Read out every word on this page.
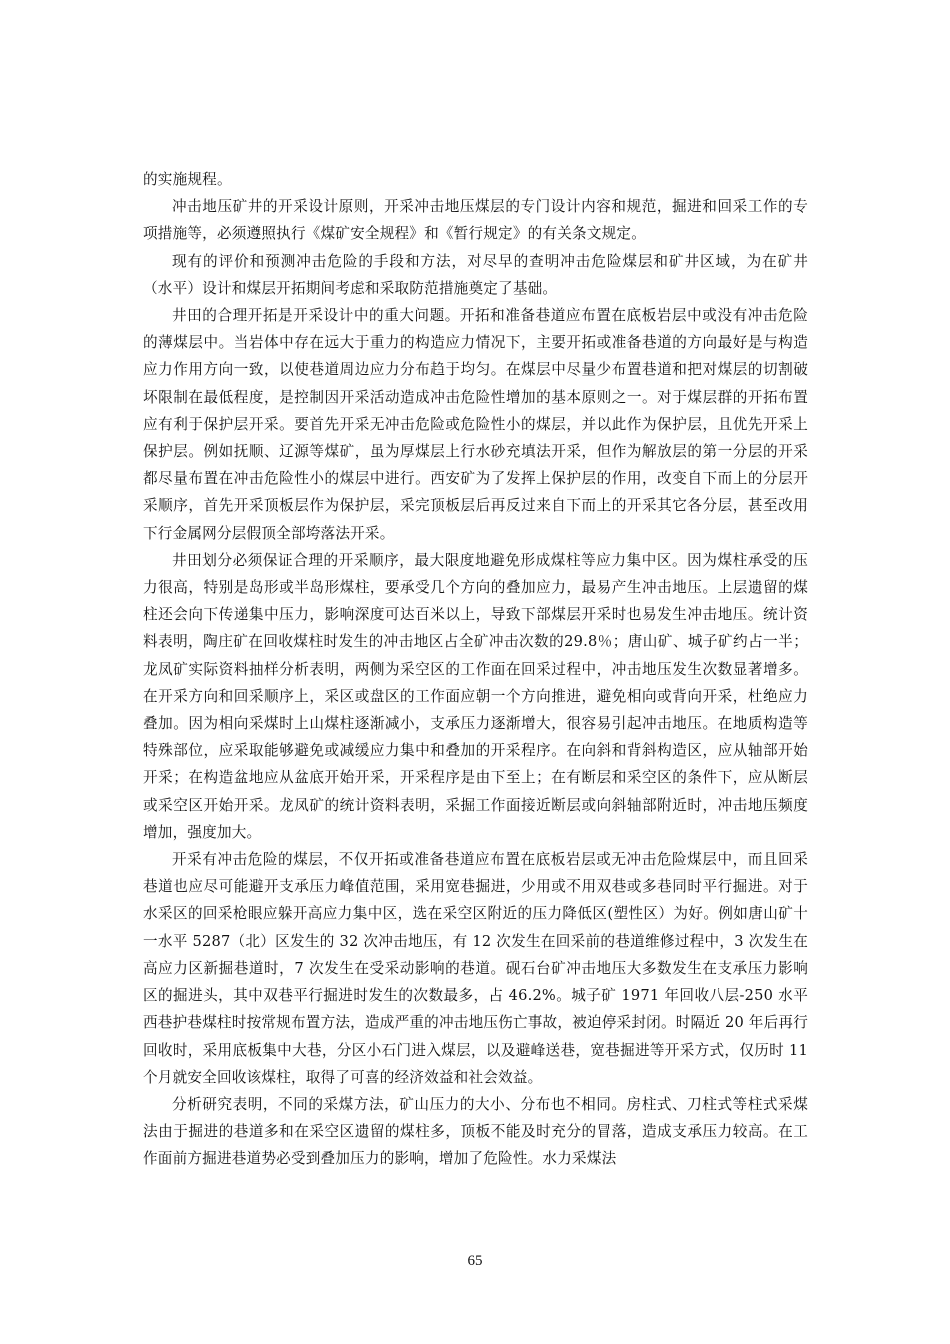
的实施规程。

冲击地压矿井的开采设计原则，开采冲击地压煤层的专门设计内容和规范，掘进和回采工作的专项措施等，必须遵照执行《煤矿安全规程》和《暂行规定》的有关条文规定。

现有的评价和预测冲击危险的手段和方法，对尽早的查明冲击危险煤层和矿井区域，为在矿井（水平）设计和煤层开拓期间考虑和采取防范措施奠定了基础。

井田的合理开拓是开采设计中的重大问题。开拓和准备巷道应布置在底板岩层中或没有冲击危险的薄煤层中。当岩体中存在远大于重力的构造应力情况下，主要开拓或准备巷道的方向最好是与构造应力作用方向一致，以使巷道周边应力分布趋于均匀。在煤层中尽量少布置巷道和把对煤层的切割破坏限制在最低程度，是控制因开采活动造成冲击危险性增加的基本原则之一。对于煤层群的开拓布置应有利于保护层开采。要首先开采无冲击危险或危险性小的煤层，并以此作为保护层，且优先开采上保护层。例如抚顺、辽源等煤矿，虽为厚煤层上行水砂充填法开采，但作为解放层的第一分层的开采都尽量布置在冲击危险性小的煤层中进行。西安矿为了发挥上保护层的作用，改变自下而上的分层开采顺序，首先开采顶板层作为保护层，采完顶板层后再反过来自下而上的开采其它各分层，甚至改用下行金属网分层假顶全部垮落法开采。

井田划分必须保证合理的开采顺序，最大限度地避免形成煤柱等应力集中区。因为煤柱承受的压力很高，特别是岛形或半岛形煤柱，要承受几个方向的叠加应力，最易产生冲击地压。上层遗留的煤柱还会向下传递集中压力，影响深度可达百米以上，导致下部煤层开采时也易发生冲击地压。统计资料表明，陶庄矿在回收煤柱时发生的冲击地区占全矿冲击次数的29.8％；唐山矿、城子矿约占一半；龙凤矿实际资料抽样分析表明，两侧为采空区的工作面在回采过程中，冲击地压发生次数显著增多。在开采方向和回采顺序上，采区或盘区的工作面应朝一个方向推进，避免相向或背向开采，杜绝应力叠加。因为相向采煤时上山煤柱逐渐减小，支承压力逐渐增大，很容易引起冲击地压。在地质构造等特殊部位，应采取能够避免或减缓应力集中和叠加的开采程序。在向斜和背斜构造区，应从轴部开始开采；在构造盆地应从盆底开始开采，开采程序是由下至上；在有断层和采空区的条件下，应从断层或采空区开始开采。龙凤矿的统计资料表明，采掘工作面接近断层或向斜轴部附近时，冲击地压频度增加，强度加大。

开采有冲击危险的煤层，不仅开拓或准备巷道应布置在底板岩层或无冲击危险煤层中，而且回采巷道也应尽可能避开支承压力峰值范围，采用宽巷掘进，少用或不用双巷或多巷同时平行掘进。对于水采区的回采枪眼应躲开高应力集中区，选在采空区附近的压力降低区(塑性区）为好。例如唐山矿十一水平 5287（北）区发生的 32 次冲击地压，有 12 次发生在回采前的巷道维修过程中，3 次发生在高应力区新掘巷道时，7 次发生在受采动影响的巷道。砚石台矿冲击地压大多数发生在支承压力影响区的掘进头，其中双巷平行掘进时发生的次数最多，占 46.2%。城子矿 1971 年回收八层-250 水平西巷护巷煤柱时按常规布置方法，造成严重的冲击地压伤亡事故，被迫停采封闭。时隔近 20 年后再行回收时，采用底板集中大巷，分区小石门进入煤层，以及避峰送巷，宽巷掘进等开采方式，仅历时 11 个月就安全回收该煤柱，取得了可喜的经济效益和社会效益。

分析研究表明，不同的采煤方法，矿山压力的大小、分布也不相同。房柱式、刀柱式等柱式采煤法由于掘进的巷道多和在采空区遗留的煤柱多，顶板不能及时充分的冒落，造成支承压力较高。在工作面前方掘进巷道势必受到叠加压力的影响，增加了危险性。水力采煤法

65
